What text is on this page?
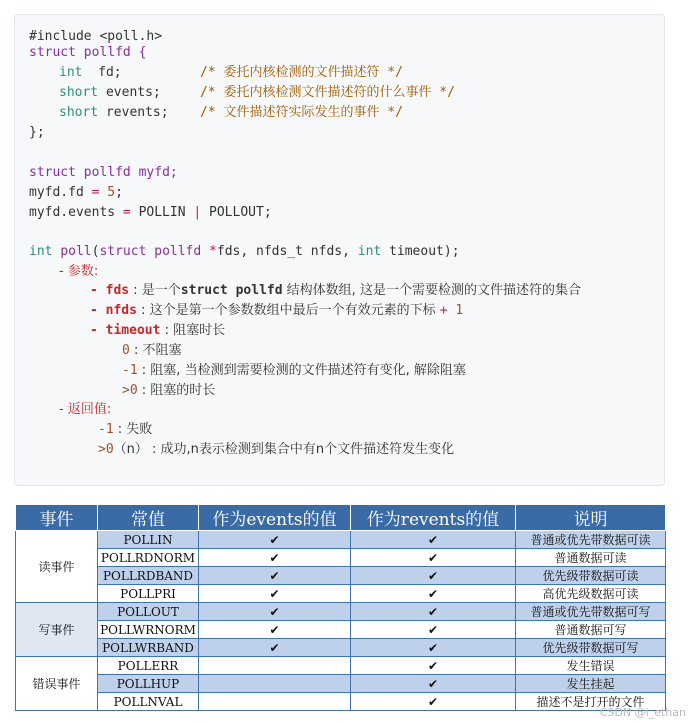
#include <poll.h>
struct pollfd {
int  fd;	/* 委托内核检测的文件描述符 */
short events;	/* 委托内核检测文件描述符的什么事件 */
short revents; /* 文件描述符实际发生的事件 */
};
struct pollfd myfd;
myfd.fd = 5;
myfd.events = POLLIN | POLLOUT;
int poll(struct pollfd *fds, nfds_t nfds, int timeout);
- 参数:
- fds : 是一个struct pollfd 结构体数组, 这是一个需要检测的文件描述符的集合
- nfds : 这个是第一个参数数组中最后一个有效元素的下标 + 1
- timeout : 阻塞时长
0 : 不阻塞
-1 : 阻塞, 当检测到需要检测的文件描述符有变化, 解除阻塞
>0 : 阻塞的时长
- 返回值:
-1 : 失败
>0（n） : 成功,n表示检测到集合中有n个文件描述符发生变化
事件	常值	作为events的值	作为revents的值	说明
读事件	POLLIN	✔	✔	普通或优先带数据可读
	POLLRDNORM	✔	✔	普通数据可读
	POLLRDBAND	✔	✔	优先级带数据可读
	POLLPRI	✔	✔	高优先级数据可读
写事件	POLLOUT	✔	✔	普通或优先带数据可写
	POLLWRNORM	✔	✔	普通数据可写
	POLLWRBAND	✔	✔	优先级带数据可写
错误事件	POLLERR		✔	发生错误
	POLLHUP		✔	发生挂起
	POLLNVAL		✔	描述不是打开的文件
CSDN @i_ethan
